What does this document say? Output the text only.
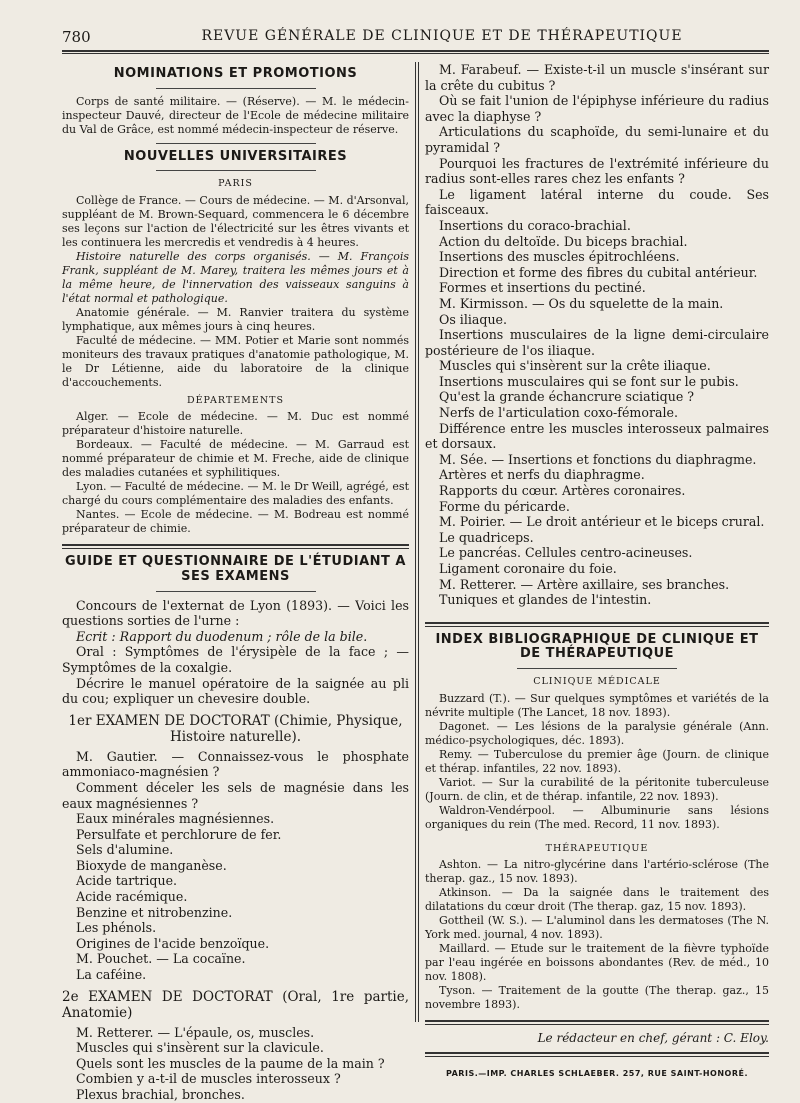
780	REVUE GÉNÉRALE DE CLINIQUE ET DE THÉRAPEUTIQUE
NOMINATIONS ET PROMOTIONS

Corps de santé militaire. — (Réserve). — M. le médecin-inspecteur Dauvé, directeur de l'Ecole de médecine militaire du Val de Grâce, est nommé médecin-inspecteur de réserve.

NOUVELLES UNIVERSITAIRES
PARIS

Collège de France. — Cours de médecine. — M. d'Arsonval, suppléant de M. Brown-Sequard, commencera le 6 décembre ses leçons sur l'action de l'électricité sur les êtres vivants et les continuera les mercredis et vendredis à 4 heures.

Histoire naturelle des corps organisés. — M. François Frank, suppléant de M. Marey, traitera les mêmes jours et à la même heure, de l'innervation des vaisseaux sanguins à l'état normal et pathologique.

Anatomie générale. — M. Ranvier traitera du système lymphatique, aux mêmes jours à cinq heures.

Faculté de médecine. — MM. Potier et Marie sont nommés moniteurs des travaux pratiques d'anatomie pathologique, M. le Dr Létienne, aide du laboratoire de la clinique d'accouchements.

DÉPARTEMENTS

Alger. — Ecole de médecine. — M. Duc est nommé préparateur d'histoire naturelle.

Bordeaux. — Faculté de médecine. — M. Garraud est nommé préparateur de chimie et M. Freche, aide de clinique des maladies cutanées et syphilitiques.

Lyon. — Faculté de médecine. — M. le Dr Weill, agrégé, est chargé du cours complémentaire des maladies des enfants.

Nantes. — Ecole de médecine. — M. Bodreau est nommé préparateur de chimie.

GUIDE ET QUESTIONNAIRE DE L'ÉTUDIANT A SES EXAMENS

Concours de l'externat de Lyon (1893). — Voici les questions sorties de l'urne :

Ecrit : Rapport du duodenum ; rôle de la bile.

Oral : Symptômes de l'érysipèle de la face ; — Symptômes de la coxalgie.

Décrire le manuel opératoire de la saignée au pli du cou; expliquer un chevesire double.

1er EXAMEN DE DOCTORAT (Chimie, Physique, Histoire naturelle).

M. Gautier. — Connaissez-vous le phosphate ammoniaco-magnésien ?

Comment déceler les sels de magnésie dans les eaux magnésiennes ?

Eaux minérales magnésiennes.

Persulfate et perchlorure de fer.

Sels d'alumine.

Bioxyde de manganèse.

Acide tartrique.

Acide racémique.

Benzine et nitrobenzine.

Les phénols.

Origines de l'acide benzoïque.

M. Pouchet. — La cocaïne.

La caféine.

2e EXAMEN DE DOCTORAT (Oral, 1re partie, Anatomie)

M. Retterer. — L'épaule, os, muscles.

Muscles qui s'insèrent sur la clavicule.

Quels sont les muscles de la paume de la main ?

Combien y a-t-il de muscles interosseux ?

Plexus brachial, bronches.

M. Farabeuf. — Existe-t-il un muscle s'insérant sur la crête du cubitus ?

Où se fait l'union de l'épiphyse inférieure du radius avec la diaphyse ?

Articulations du scaphoïde, du semi-lunaire et du pyramidal ?

Pourquoi les fractures de l'extrémité inférieure du radius sont-elles rares chez les enfants ?

Le ligament latéral interne du coude. Ses faisceaux.

Insertions du coraco-brachial.

Action du deltoïde. Du biceps brachial.

Insertions des muscles épitrochléens.

Direction et forme des fibres du cubital antérieur.

Formes et insertions du pectiné.

M. Kirmisson. — Os du squelette de la main.

Os iliaque.

Insertions musculaires de la ligne demi-circulaire postérieure de l'os iliaque.

Muscles qui s'insèrent sur la crête iliaque.

Insertions musculaires qui se font sur le pubis.

Qu'est la grande échancrure sciatique ?

Nerfs de l'articulation coxo-fémorale.

Différence entre les muscles interosseux palmaires et dorsaux.

M. Sée. — Insertions et fonctions du diaphragme.

Artères et nerfs du diaphragme.

Rapports du cœur. Artères coronaires.

Forme du péricarde.

M. Poirier. — Le droit antérieur et le biceps crural.

Le quadriceps.

Le pancréas. Cellules centro-acineuses.

Ligament coronaire du foie.

M. Retterer. — Artère axillaire, ses branches.

Tuniques et glandes de l'intestin.

INDEX BIBLIOGRAPHIQUE DE CLINIQUE ET DE THÉRAPEUTIQUE
CLINIQUE MÉDICALE

Buzzard (T.). — Sur quelques symptômes et variétés de la névrite multiple (The Lancet, 18 nov. 1893).

Dagonet. — Les lésions de la paralysie générale (Ann. médico-psychologiques, déc. 1893).

Remy. — Tuberculose du premier âge (Journ. de clinique et thérap. infantiles, 22 nov. 1893).

Variot. — Sur la curabilité de la péritonite tuberculeuse (Journ. de clin, et de thérap. infantile, 22 nov. 1893).

Waldron-Vendérpool. — Albuminurie sans lésions organiques du rein (The med. Record, 11 nov. 1893).

THÉRAPEUTIQUE

Ashton. — La nitro-glycérine dans l'artério-sclérose (The therap. gaz., 15 nov. 1893).

Atkinson. — Da la saignée dans le traitement des dilatations du cœur droit (The therap. gaz, 15 nov. 1893).

Gottheil (W. S.). — L'aluminol dans les dermatoses (The N. York med. journal, 4 nov. 1893).

Maillard. — Etude sur le traitement de la fièvre typhoïde par l'eau ingérée en boissons abondantes (Rev. de méd., 10 nov. 1808).

Tyson. — Traitement de la goutte (The therap. gaz., 15 novembre 1893).

Le rédacteur en chef, gérant : C. Eloy.

PARIS.—IMP. CHARLES SCHLAEBER. 257, RUE SAINT-HONORÉ.
